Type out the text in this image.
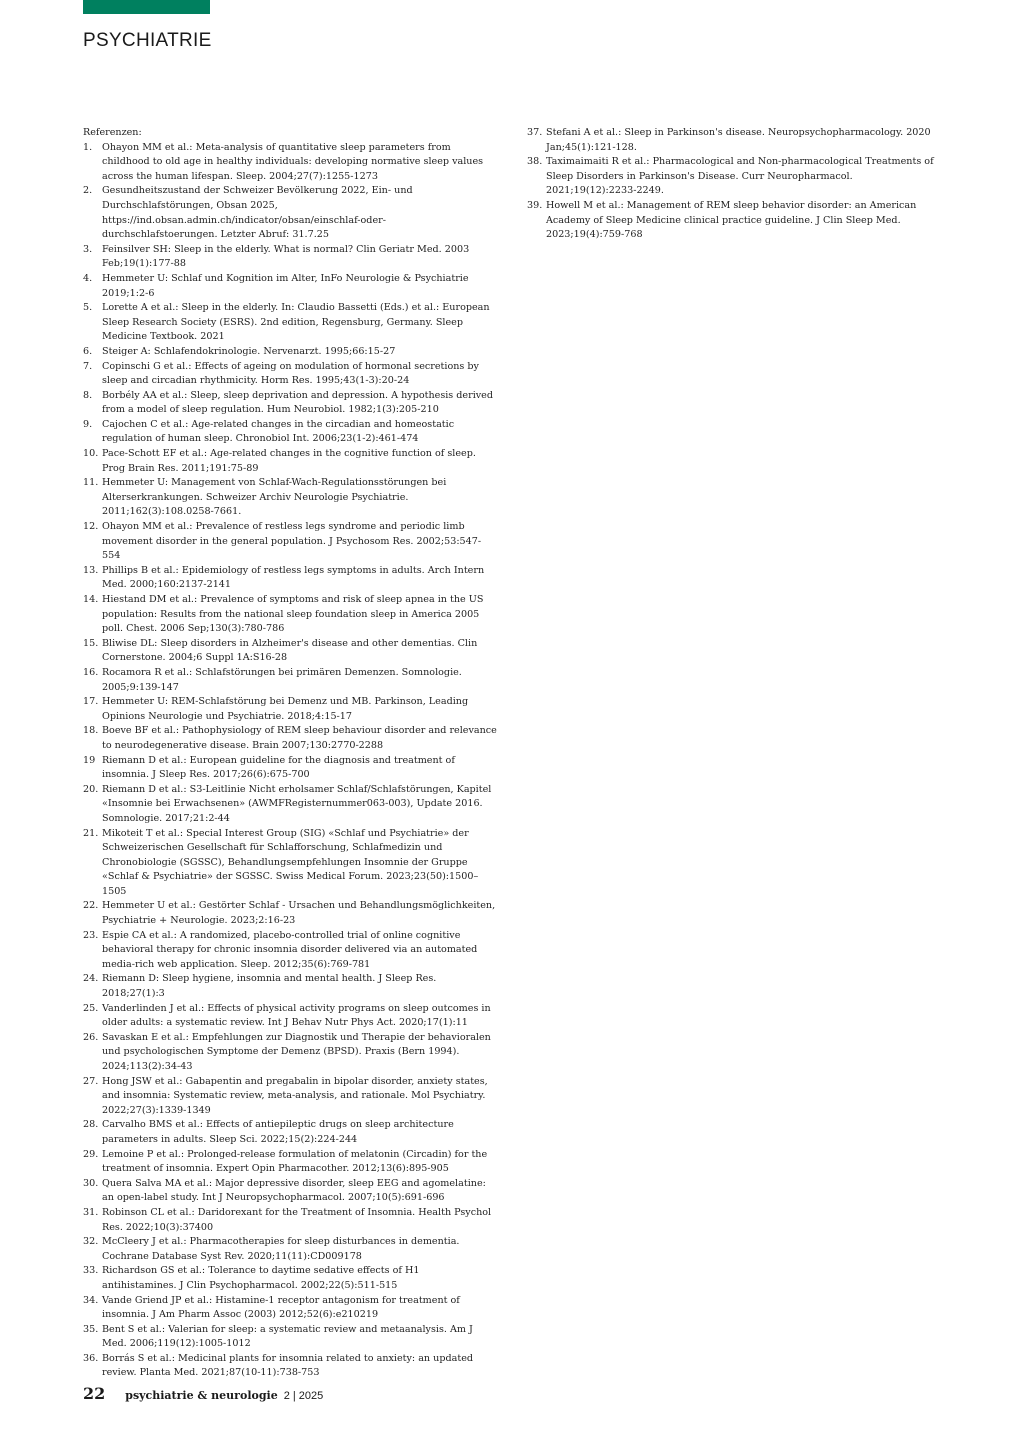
PSYCHIATRIE

Referenzen:

1.	Ohayon MM et al.: Meta-analysis of quantitative sleep parameters from childhood to old age in healthy individuals: developing normative sleep values across the human lifespan. Sleep. 2004;27(7):1255-1273
2.	Gesundheitszustand der Schweizer Bevölkerung 2022, Ein- und Durchschlafstörungen, Obsan 2025, https://ind.obsan.admin.ch/indicator/obsan/einschlaf-oder-durchschlafstoerungen. Letzter Abruf: 31.7.25
3.	Feinsilver SH: Sleep in the elderly. What is normal? Clin Geriatr Med. 2003 Feb;19(1):177-88
4.	Hemmeter U: Schlaf und Kognition im Alter, InFo Neurologie & Psychiatrie 2019;1:2-6
5.	Lorette A et al.: Sleep in the elderly. In: Claudio Bassetti (Eds.) et al.: European Sleep Research Society (ESRS). 2nd edition, Regensburg, Germany. Sleep Medicine Textbook. 2021
6.	Steiger A: Schlafendokrinologie. Nervenarzt. 1995;66:15-27
7.	Copinschi G et al.: Effects of ageing on modulation of hormonal secretions by sleep and circadian rhythmicity. Horm Res. 1995;43(1-3):20-24
8.	Borbély AA et al.: Sleep, sleep deprivation and depression. A hypothesis derived from a model of sleep regulation. Hum Neurobiol. 1982;1(3):205-210
9.	Cajochen C et al.: Age-related changes in the circadian and homeostatic regulation of human sleep. Chronobiol Int. 2006;23(1-2):461-474
10. Pace-Schott EF et al.: Age-related changes in the cognitive function of sleep. Prog Brain Res. 2011;191:75-89
11. Hemmeter U: Management von Schlaf-Wach-Regulationsstörungen bei Alterserkrankungen. Schweizer Archiv Neurologie Psychiatrie. 2011;162(3):108.0258-7661.
12. Ohayon MM et al.: Prevalence of restless legs syndrome and periodic limb movement disorder in the general population. J Psychosom Res. 2002;53:547-554
13. Phillips B et al.: Epidemiology of restless legs symptoms in adults. Arch Intern Med. 2000;160:2137-2141
14. Hiestand DM et al.: Prevalence of symptoms and risk of sleep apnea in the US population: Results from the national sleep foundation sleep in America 2005 poll. Chest. 2006 Sep;130(3):780-786
15. Bliwise DL: Sleep disorders in Alzheimer's disease and other dementias. Clin Cornerstone. 2004;6 Suppl 1A:S16-28
16. Rocamora R et al.: Schlafstörungen bei primären Demenzen. Somnologie. 2005;9:139-147
17. Hemmeter U: REM-Schlafstörung bei Demenz und MB. Parkinson, Leading Opinions Neurologie und Psychiatrie. 2018;4:15-17
18. Boeve BF et al.: Pathophysiology of REM sleep behaviour disorder and relevance to neurodegenerative disease. Brain 2007;130:2770-2288
19 Riemann D et al.: European guideline for the diagnosis and treatment of insomnia. J Sleep Res. 2017;26(6):675-700
20. Riemann D et al.: S3-Leitlinie Nicht erholsamer Schlaf/Schlafstörungen, Kapitel «Insomnie bei Erwachsenen» (AWMFRegisternummer063-003), Update 2016. Somnologie. 2017;21:2-44
21. Mikoteit T et al.: Special Interest Group (SIG) «Schlaf und Psychiatrie» der Schweizerischen Gesellschaft für Schlafforschung, Schlafmedizin und Chronobiologie (SGSSC), Behandlungsempfehlungen Insomnie der Gruppe «Schlaf & Psychiatrie» der SGSSC. Swiss Medical Forum. 2023;23(50):1500–1505
22. Hemmeter U et al.: Gestörter Schlaf - Ursachen und Behandlungsmöglichkeiten, Psychiatrie + Neurologie. 2023;2:16-23
23. Espie CA et al.: A randomized, placebo-controlled trial of online cognitive behavioral therapy for chronic insomnia disorder delivered via an automated media-rich web application. Sleep. 2012;35(6):769-781
24. Riemann D: Sleep hygiene, insomnia and mental health. J Sleep Res. 2018;27(1):3
25. Vanderlinden J et al.: Effects of physical activity programs on sleep outcomes in older adults: a systematic review. Int J Behav Nutr Phys Act. 2020;17(1):11
26. Savaskan E et al.: Empfehlungen zur Diagnostik und Therapie der behavioralen und psychologischen Symptome der Demenz (BPSD). Praxis (Bern 1994). 2024;113(2):34-43
27. Hong JSW et al.: Gabapentin and pregabalin in bipolar disorder, anxiety states, and insomnia: Systematic review, meta-analysis, and rationale. Mol Psychiatry. 2022;27(3):1339-1349
28. Carvalho BMS et al.: Effects of antiepileptic drugs on sleep architecture parameters in adults. Sleep Sci. 2022;15(2):224-244
29. Lemoine P et al.: Prolonged-release formulation of melatonin (Circadin) for the treatment of insomnia. Expert Opin Pharmacother. 2012;13(6):895-905
30. Quera Salva MA et al.: Major depressive disorder, sleep EEG and agomelatine: an open-label study. Int J Neuropsychopharmacol. 2007;10(5):691-696
31. Robinson CL et al.: Daridorexant for the Treatment of Insomnia. Health Psychol Res. 2022;10(3):37400
32. McCleery J et al.: Pharmacotherapies for sleep disturbances in dementia. Cochrane Database Syst Rev. 2020;11(11):CD009178
33. Richardson GS et al.: Tolerance to daytime sedative effects of H1 antihistamines. J Clin Psychopharmacol. 2002;22(5):511-515
34. Vande Griend JP et al.: Histamine-1 receptor antagonism for treatment of insomnia. J Am Pharm Assoc (2003) 2012;52(6):e210219
35. Bent S et al.: Valerian for sleep: a systematic review and metaanalysis. Am J Med. 2006;119(12):1005-1012
36. Borrás S et al.: Medicinal plants for insomnia related to anxiety: an updated review. Planta Med. 2021;87(10-11):738-753
37. Stefani A et al.: Sleep in Parkinson's disease. Neuropsychopharmacology. 2020 Jan;45(1):121-128.
38. Taximaimaiti R et al.: Pharmacological and Non-pharmacological Treatments of Sleep Disorders in Parkinson's Disease. Curr Neuropharmacol. 2021;19(12):2233-2249.
39. Howell M et al.: Management of REM sleep behavior disorder: an American Academy of Sleep Medicine clinical practice guideline. J Clin Sleep Med. 2023;19(4):759-768
22 psychiatrie & neurologie 2 | 2025
